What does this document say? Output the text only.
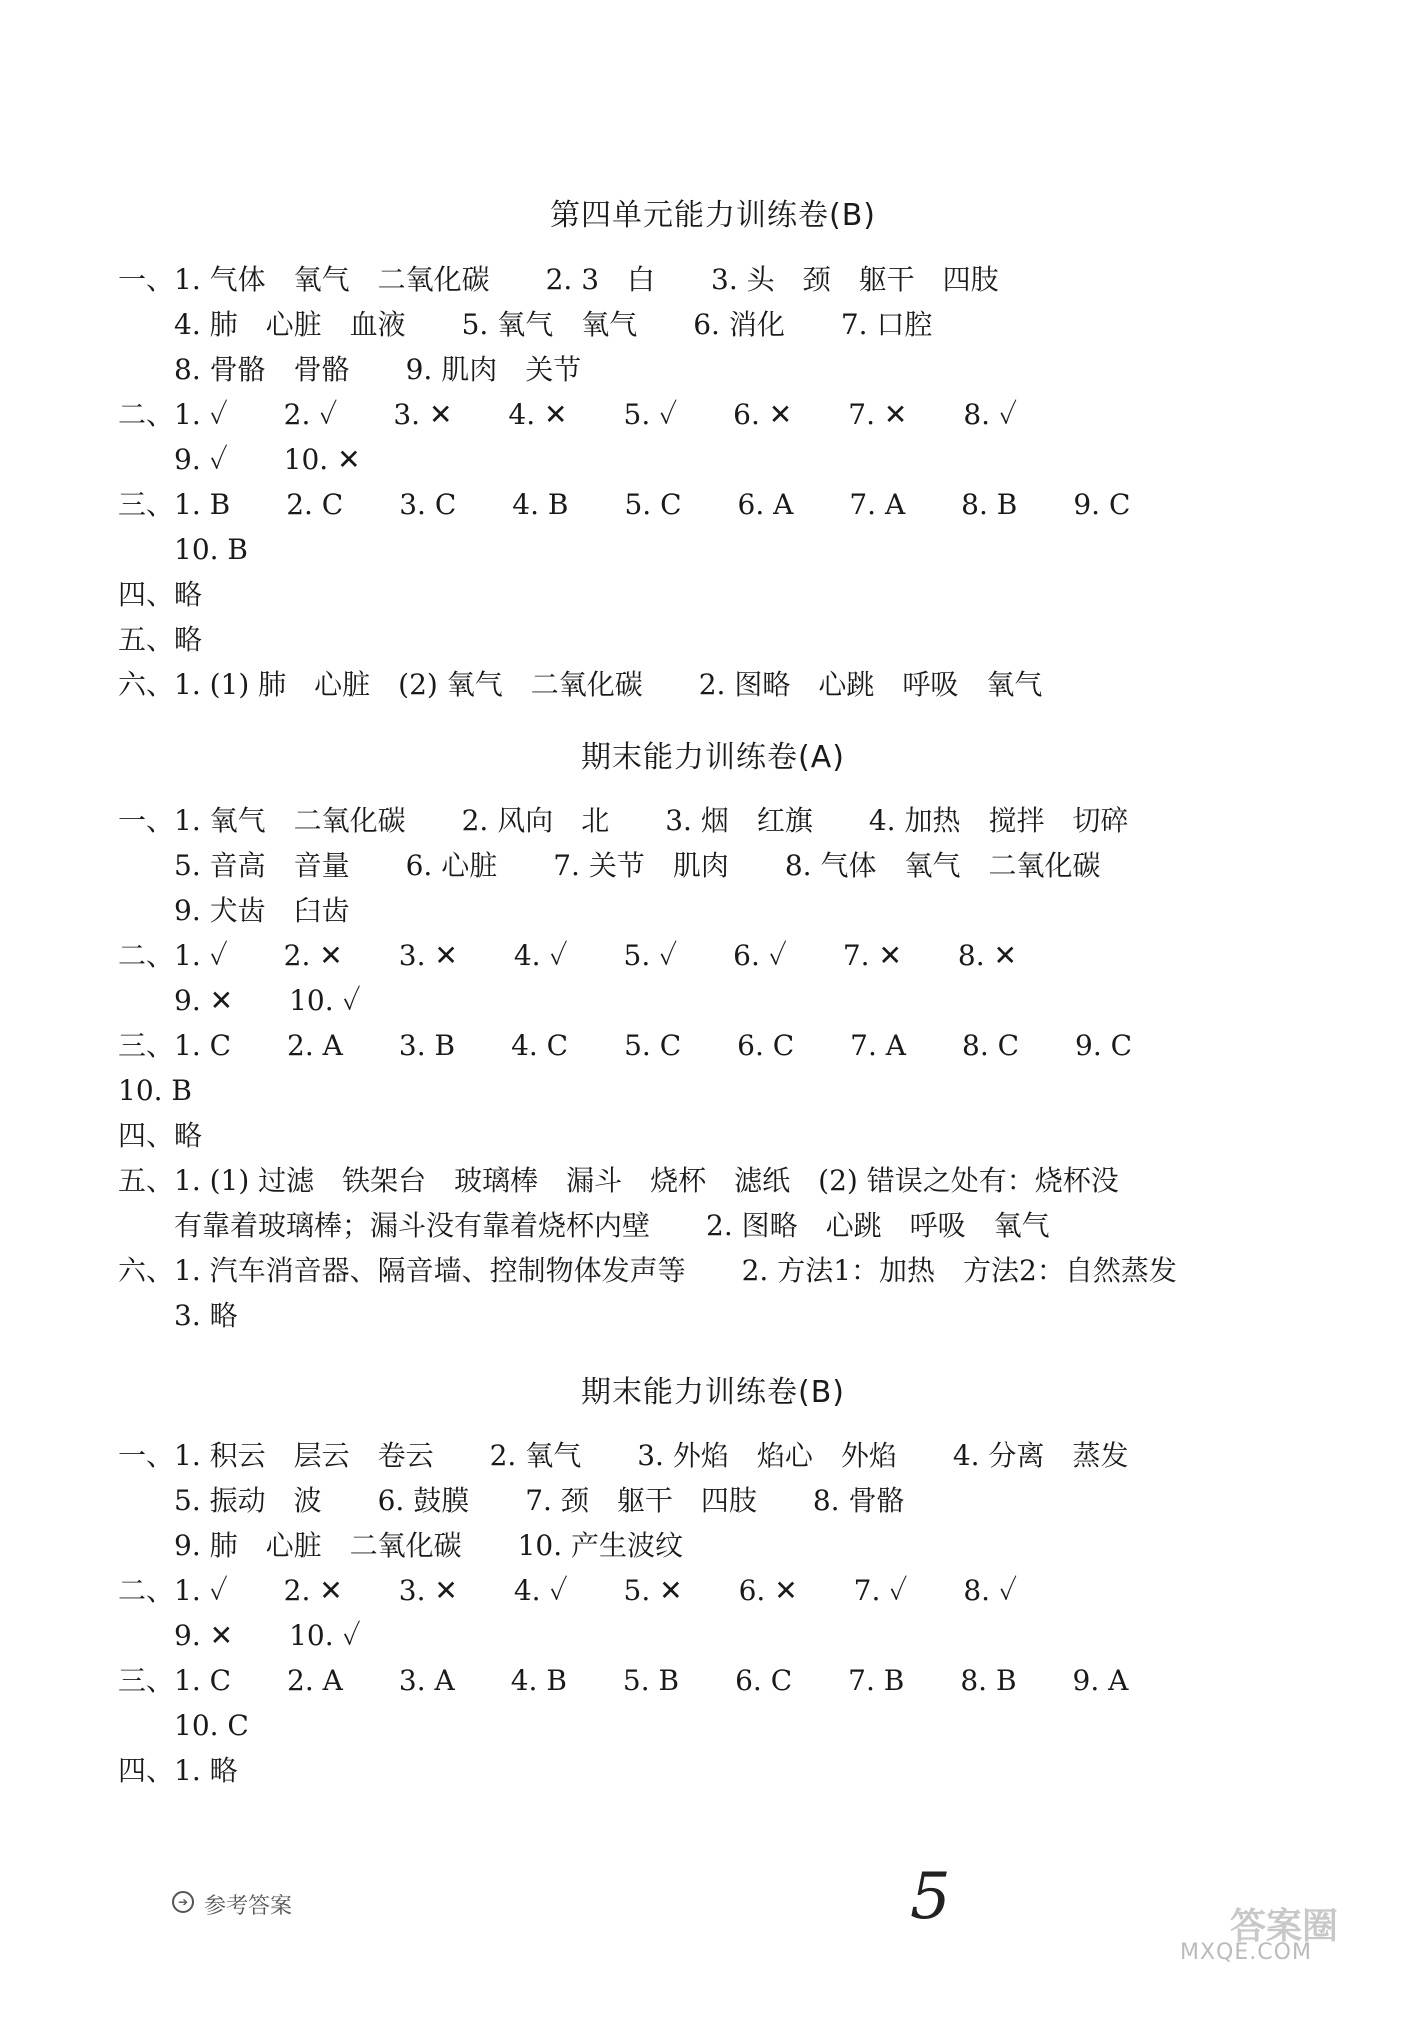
第四单元能力训练卷(B)
一、1. 气体　氧气　二氧化碳　　2. 3　白　　3. 头　颈　躯干　四肢
　　4. 肺　心脏　血液　　5. 氧气　氧气　　6. 消化　　7. 口腔
　　8. 骨骼　骨骼　　9. 肌肉　关节
二、1. ✓　　2. ✓　　3. ✕　　4. ✕　　5. ✓　　6. ✕　　7. ✕　　8. ✓
　　9. ✓　　10. ✕
三、1. B　　2. C　　3. C　　4. B　　5. C　　6. A　　7. A　　8. B　　9. C
　　10. B
四、略
五、略
六、1. (1) 肺　心脏　(2) 氧气　二氧化碳　　2. 图略　心跳　呼吸　氧气
期末能力训练卷(A)
一、1. 氧气　二氧化碳　　2. 风向　北　　3. 烟　红旗　　4. 加热　搅拌　切碎
　　5. 音高　音量　　6. 心脏　　7. 关节　肌肉　　8. 气体　氧气　二氧化碳
　　9. 犬齿　臼齿
二、1. ✓　　2. ✕　　3. ✕　　4. ✓　　5. ✓　　6. ✓　　7. ✕　　8. ✕
　　9. ✕　　10. ✓
三、1. C　　2. A　　3. B　　4. C　　5. C　　6. C　　7. A　　8. C　　9. C
10. B
四、略
五、1. (1) 过滤　铁架台　玻璃棒　漏斗　烧杯　滤纸　(2) 错误之处有：烧杯没
　　有靠着玻璃棒；漏斗没有靠着烧杯内壁　　2. 图略　心跳　呼吸　氧气
六、1. 汽车消音器、隔音墙、控制物体发声等　　2. 方法1：加热　方法2：自然蒸发
　　3. 略
期末能力训练卷(B)
一、1. 积云　层云　卷云　　2. 氧气　　3. 外焰　焰心　外焰　　4. 分离　蒸发
　　5. 振动　波　　6. 鼓膜　　7. 颈　躯干　四肢　　8. 骨骼
　　9. 肺　心脏　二氧化碳　　10. 产生波纹
二、1. ✓　　2. ✕　　3. ✕　　4. ✓　　5. ✕　　6. ✕　　7. ✓　　8. ✓
　　9. ✕　　10. ✓
三、1. C　　2. A　　3. A　　4. B　　5. B　　6. C　　7. B　　8. B　　9. A
　　10. C
四、1. 略
➔ 参考答案	5	答案圈
MXQE.COM
